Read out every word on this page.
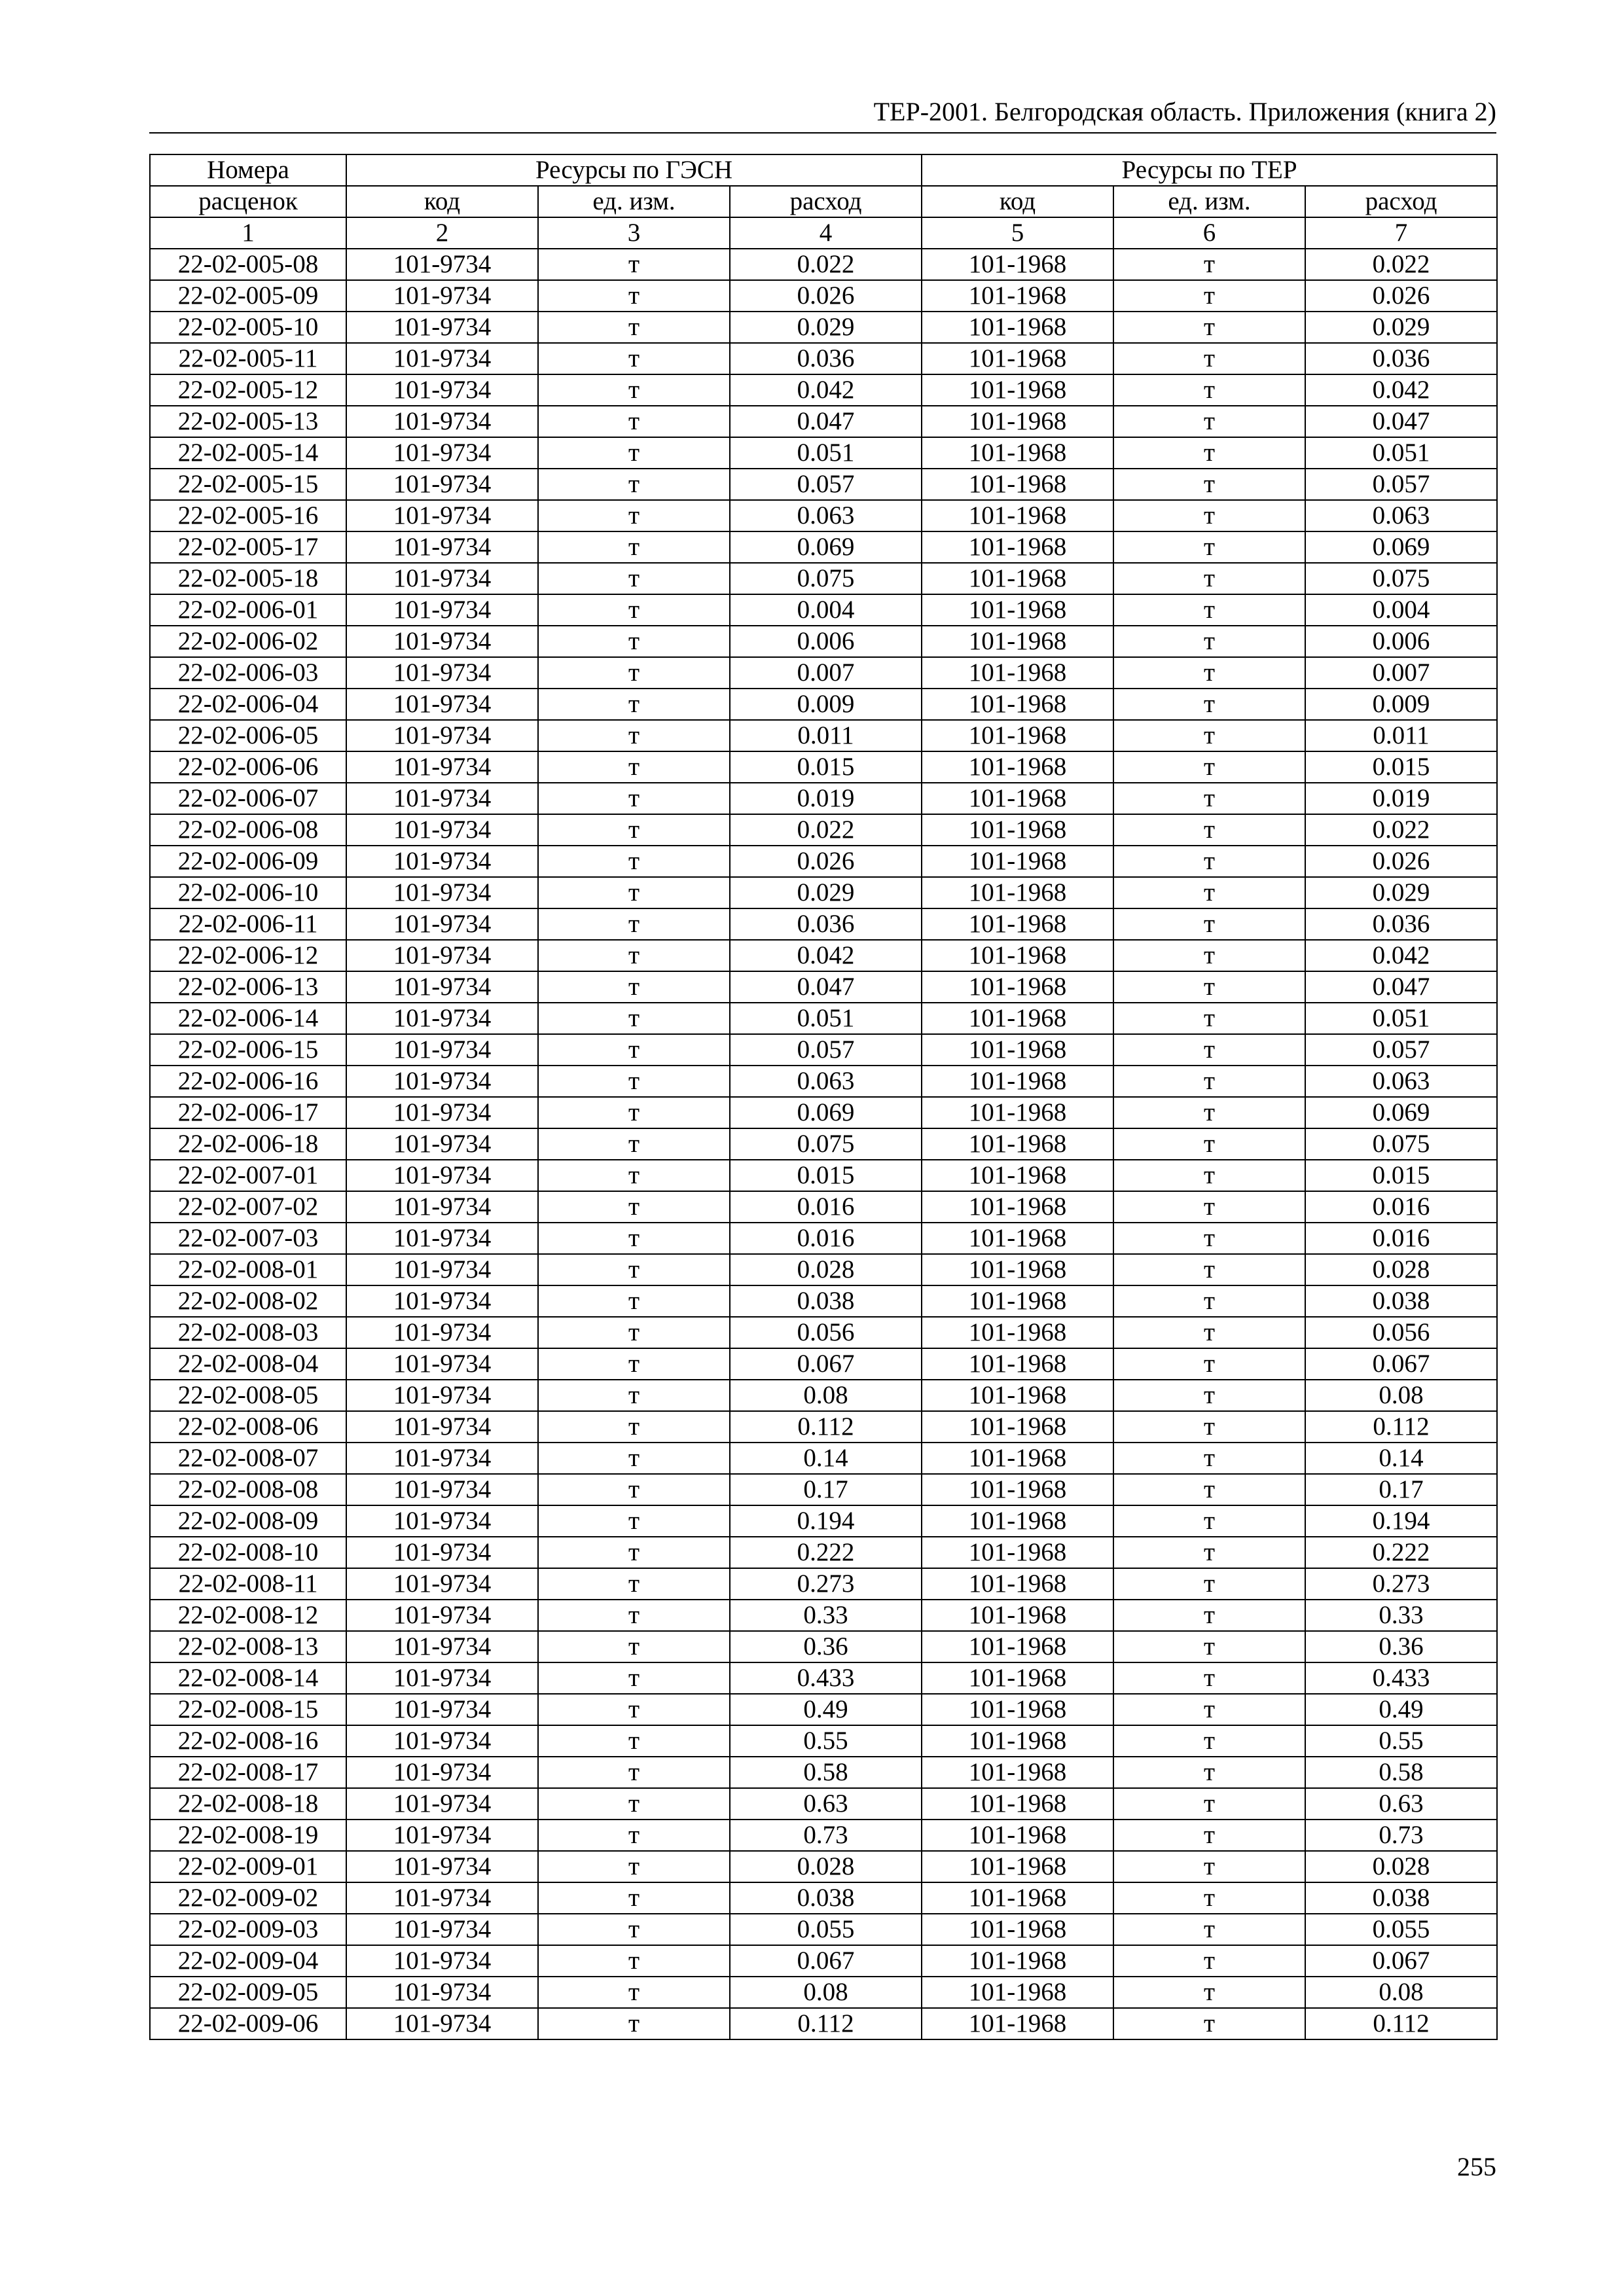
ТЕР-2001. Белгородская область. Приложения (книга 2)
Номера	Ресурсы по ГЭСН			Ресурсы по ТЕР		
расценок	код	ед. изм.	расход	код	ед. изм.	расход
1	2	3	4	5	6	7
22-02-005-08	101-9734	т	0.022	101-1968	т	0.022
22-02-005-09	101-9734	т	0.026	101-1968	т	0.026
22-02-005-10	101-9734	т	0.029	101-1968	т	0.029
22-02-005-11	101-9734	т	0.036	101-1968	т	0.036
22-02-005-12	101-9734	т	0.042	101-1968	т	0.042
22-02-005-13	101-9734	т	0.047	101-1968	т	0.047
22-02-005-14	101-9734	т	0.051	101-1968	т	0.051
22-02-005-15	101-9734	т	0.057	101-1968	т	0.057
22-02-005-16	101-9734	т	0.063	101-1968	т	0.063
22-02-005-17	101-9734	т	0.069	101-1968	т	0.069
22-02-005-18	101-9734	т	0.075	101-1968	т	0.075
22-02-006-01	101-9734	т	0.004	101-1968	т	0.004
22-02-006-02	101-9734	т	0.006	101-1968	т	0.006
22-02-006-03	101-9734	т	0.007	101-1968	т	0.007
22-02-006-04	101-9734	т	0.009	101-1968	т	0.009
22-02-006-05	101-9734	т	0.011	101-1968	т	0.011
22-02-006-06	101-9734	т	0.015	101-1968	т	0.015
22-02-006-07	101-9734	т	0.019	101-1968	т	0.019
22-02-006-08	101-9734	т	0.022	101-1968	т	0.022
22-02-006-09	101-9734	т	0.026	101-1968	т	0.026
22-02-006-10	101-9734	т	0.029	101-1968	т	0.029
22-02-006-11	101-9734	т	0.036	101-1968	т	0.036
22-02-006-12	101-9734	т	0.042	101-1968	т	0.042
22-02-006-13	101-9734	т	0.047	101-1968	т	0.047
22-02-006-14	101-9734	т	0.051	101-1968	т	0.051
22-02-006-15	101-9734	т	0.057	101-1968	т	0.057
22-02-006-16	101-9734	т	0.063	101-1968	т	0.063
22-02-006-17	101-9734	т	0.069	101-1968	т	0.069
22-02-006-18	101-9734	т	0.075	101-1968	т	0.075
22-02-007-01	101-9734	т	0.015	101-1968	т	0.015
22-02-007-02	101-9734	т	0.016	101-1968	т	0.016
22-02-007-03	101-9734	т	0.016	101-1968	т	0.016
22-02-008-01	101-9734	т	0.028	101-1968	т	0.028
22-02-008-02	101-9734	т	0.038	101-1968	т	0.038
22-02-008-03	101-9734	т	0.056	101-1968	т	0.056
22-02-008-04	101-9734	т	0.067	101-1968	т	0.067
22-02-008-05	101-9734	т	0.08	101-1968	т	0.08
22-02-008-06	101-9734	т	0.112	101-1968	т	0.112
22-02-008-07	101-9734	т	0.14	101-1968	т	0.14
22-02-008-08	101-9734	т	0.17	101-1968	т	0.17
22-02-008-09	101-9734	т	0.194	101-1968	т	0.194
22-02-008-10	101-9734	т	0.222	101-1968	т	0.222
22-02-008-11	101-9734	т	0.273	101-1968	т	0.273
22-02-008-12	101-9734	т	0.33	101-1968	т	0.33
22-02-008-13	101-9734	т	0.36	101-1968	т	0.36
22-02-008-14	101-9734	т	0.433	101-1968	т	0.433
22-02-008-15	101-9734	т	0.49	101-1968	т	0.49
22-02-008-16	101-9734	т	0.55	101-1968	т	0.55
22-02-008-17	101-9734	т	0.58	101-1968	т	0.58
22-02-008-18	101-9734	т	0.63	101-1968	т	0.63
22-02-008-19	101-9734	т	0.73	101-1968	т	0.73
22-02-009-01	101-9734	т	0.028	101-1968	т	0.028
22-02-009-02	101-9734	т	0.038	101-1968	т	0.038
22-02-009-03	101-9734	т	0.055	101-1968	т	0.055
22-02-009-04	101-9734	т	0.067	101-1968	т	0.067
22-02-009-05	101-9734	т	0.08	101-1968	т	0.08
22-02-009-06	101-9734	т	0.112	101-1968	т	0.112
255
